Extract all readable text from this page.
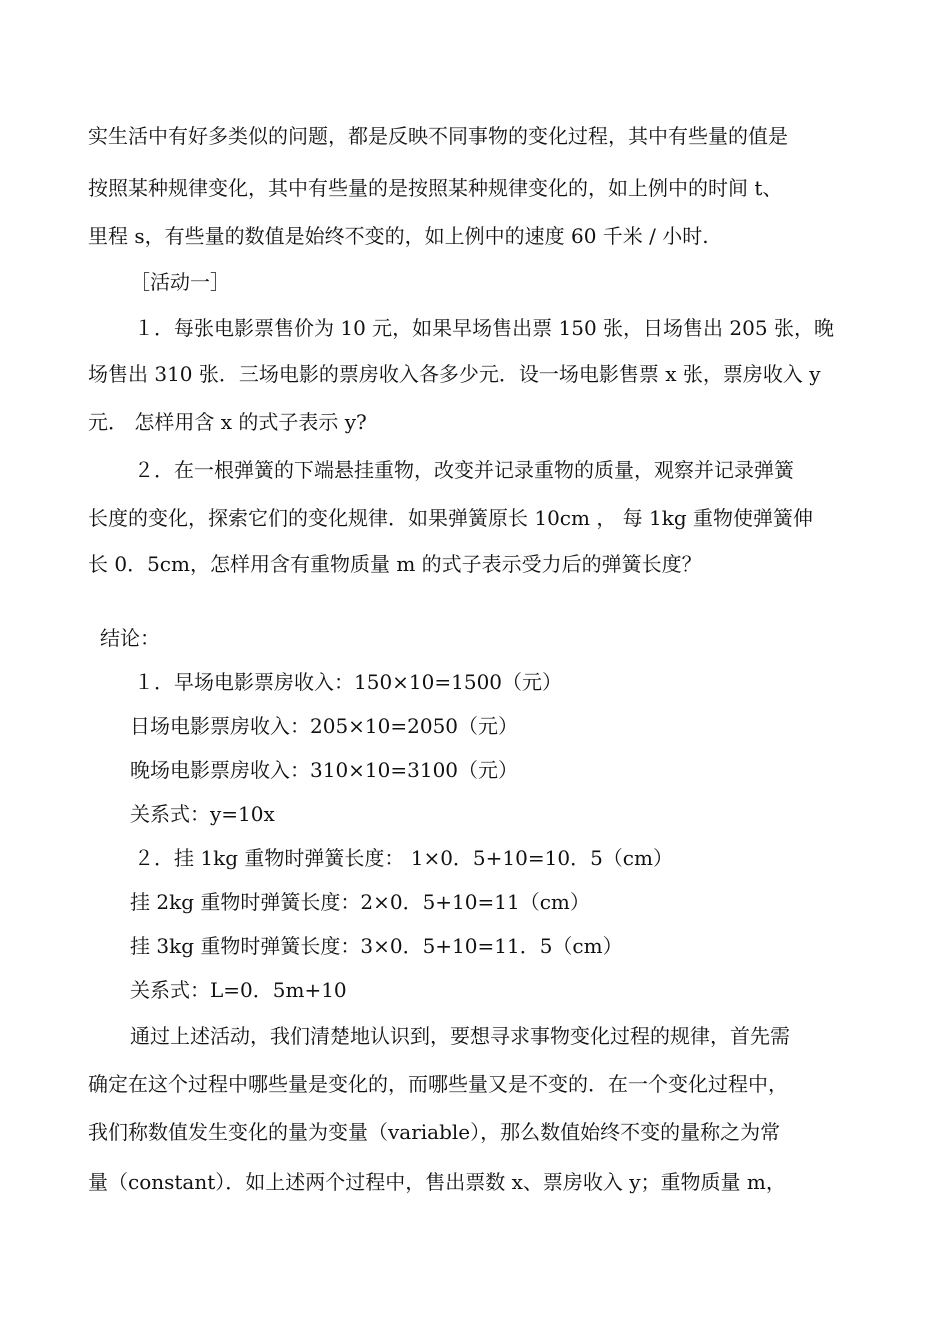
实生活中有好多类似的问题，都是反映不同事物的变化过程，其中有些量的值是
按照某种规律变化，其中有些量的是按照某种规律变化的，如上例中的时间 t、
里程 s，有些量的数值是始终不变的，如上例中的速度 60 千米 / 小时.
［活动一］
１．每张电影票售价为 10 元，如果早场售出票 150 张，日场售出 205 张，晚
场售出 310 张．三场电影的票房收入各多少元．设一场电影售票 x 张，票房收入 y
元． 怎样用含 x 的式子表示 y?
２．在一根弹簧的下端悬挂重物，改变并记录重物的质量，观察并记录弹簧
长度的变化，探索它们的变化规律．如果弹簧原长 10cm ， 每 1kg 重物使弹簧伸
长 0．5cm，怎样用含有重物质量 m 的式子表示受力后的弹簧长度？
结论：
１．早场电影票房收入：150×10=1500（元）
日场电影票房收入：205×10=2050（元）
晚场电影票房收入：310×10=3100（元）
关系式：y=10x
２．挂 1kg 重物时弹簧长度： 1×0．5+10=10．5（cm）
挂 2kg 重物时弹簧长度：2×0．5+10=11（cm）
挂 3kg 重物时弹簧长度：3×0．5+10=11．5（cm）
关系式：L=0．5m+10
通过上述活动，我们清楚地认识到，要想寻求事物变化过程的规律，首先需
确定在这个过程中哪些量是变化的，而哪些量又是不变的．在一个变化过程中，
我们称数值发生变化的量为变量（variable），那么数值始终不变的量称之为常
量（constant）．如上述两个过程中，售出票数 x、票房收入 y；重物质量 m，
